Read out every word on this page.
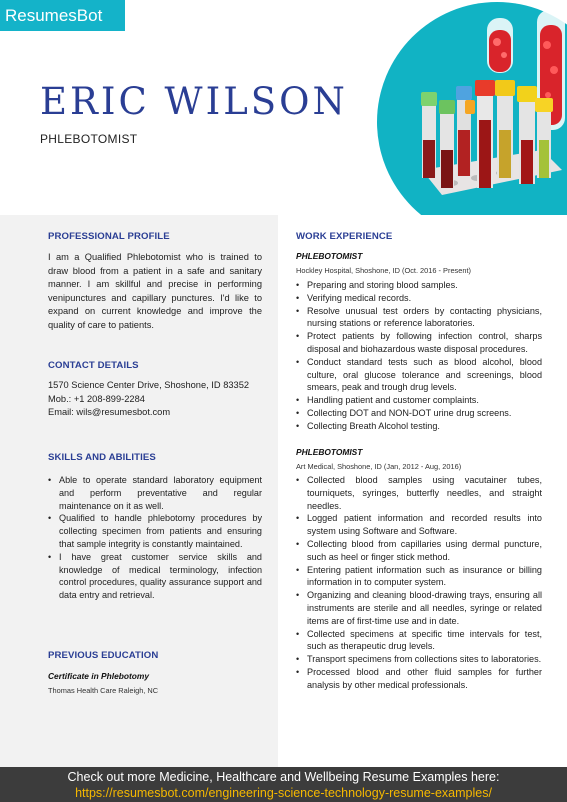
ResumesBot
ERIC WILSON
PHLEBOTOMIST
PROFESSIONAL PROFILE
I am a Qualified Phlebotomist who is trained to draw blood from a patient in a safe and sanitary manner. I am skillful and precise in performing venipunctures and capillary punctures. I'd like to expand on current knowledge and improve the quality of care to patients.
CONTACT DETAILS
1570 Science Center Drive, Shoshone, ID 83352
Mob.: +1 208-899-2284
Email: wils@resumesbot.com
SKILLS AND ABILITIES
• Able to operate standard laboratory equipment and perform preventative and regular maintenance on it as well.
• Qualified to handle phlebotomy procedures by collecting specimen from patients and ensuring that sample integrity is constantly maintained.
• I have great customer service skills and knowledge of medical terminology, infection control procedures, quality assurance support and data entry and retrieval.
PREVIOUS EDUCATION
Certificate in Phlebotomy
Thomas Health Care Raleigh, NC
WORK EXPERIENCE
PHLEBOTOMIST
Hockley Hospital, Shoshone, ID (Oct. 2016 - Present)
• Preparing and storing blood samples.
• Verifying medical records.
• Resolve unusual test orders by contacting physicians, nursing stations or reference laboratories.
• Protect patients by following infection control, sharps disposal and biohazardous waste disposal procedures.
• Conduct standard tests such as blood alcohol, blood culture, oral glucose tolerance and screenings, blood smears, peak and trough drug levels.
• Handling patient and customer complaints.
• Collecting DOT and NON-DOT urine drug screens.
• Collecting Breath Alcohol testing.
PHLEBOTOMIST
Art Medical, Shoshone, ID (Jan, 2012 - Aug, 2016)
• Collected blood samples using vacutainer tubes, tourniquets, syringes, butterfly needles, and straight needles.
• Logged patient information and recorded results into system using Software and Software.
• Collecting blood from capillaries using dermal puncture, such as heel or finger stick method.
• Entering patient information such as insurance or billing information in to computer system.
• Organizing and cleaning blood-drawing trays, ensuring all instruments are sterile and all needles, syringe or related items are of first-time use and in date.
• Collected specimens at specific time intervals for test, such as therapeutic drug levels.
• Transport specimens from collections sites to laboratories.
• Processed blood and other fluid samples for further analysis by other medical professionals.
Check out more Medicine, Healthcare and Wellbeing Resume Examples here:
https://resumesbot.com/engineering-science-technology-resume-examples/
